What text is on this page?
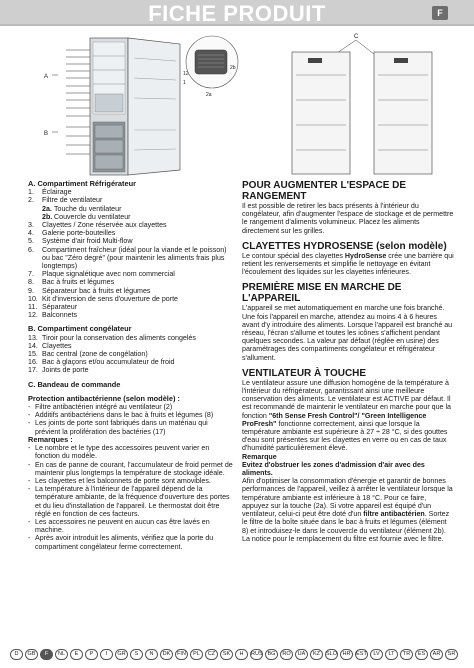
FICHE PRODUIT	F
A
B
12
1
2b
2a
C
A. Compartiment Réfrigérateur
1.	Éclairage
2.	Filtre de ventilateur
2a. Touche du ventilateur
2b. Couvercle du ventilateur
3.	Clayettes / Zone réservée aux clayettes
4.	Galerie porte-bouteilles
5.	Système d'air froid Multi-flow
6.	Compartiment fraîcheur (idéal pour la viande et le poisson) ou bac "Zéro degré" (pour maintenir les aliments frais plus longtemps)
7.	Plaque signalétique avec nom commercial
8.	Bac à fruits et légumes
9.	Séparateur bac à fruits et légumes
10. Kit d'inversion de sens d'ouverture de porte
11. Séparateur
12. Balconnets
B. Compartiment congélateur
13. Tiroir pour la conservation des aliments congelés
14. Clayettes
15. Bac central (zone de congélation)
16. Bac à glaçons et/ou accumulateur de froid
17. Joints de porte
C. Bandeau de commande
Protection antibactérienne (selon modèle) :
- Filtre antibactérien intégré au ventilateur (2)
- Additifs antibactériens dans le bac à fruits et légumes (8)
- Les joints de porte sont fabriqués dans un matériau qui prévient la prolifération des bactéries (17)
Remarques :
- Le nombre et le type des accessoires peuvent varier en fonction du modèle.
- En cas de panne de courant, l'accumulateur de froid permet de maintenir plus longtemps la température de stockage idéale.
- Les clayettes et les balconnets de porte sont amovibles.
- La température à l'intérieur de l'appareil dépend de la température ambiante, de la fréquence d'ouverture des portes et du lieu d'installation de l'appareil. Le thermostat doit être réglé en fonction de ces facteurs.
- Les accessoires ne peuvent en aucun cas être lavés en machine.
- Après avoir introduit les aliments, vérifiez que la porte du compartiment congélateur ferme correctement.
POUR AUGMENTER L'ESPACE DE RANGEMENT
Il est possible de retirer les bacs présents à l'intérieur du congélateur, afin d'augmenter l'espace de stockage et de permettre le rangement d'aliments volumineux. Placez les aliments directement sur les grilles.
CLAYETTES HYDROSENSE (selon modèle)
Le contour spécial des clayettes HydroSense crée une barrière qui retient les renversements et simplifie le nettoyage en évitant l'écoulement des liquides sur les clayettes inférieures.
PREMIÈRE MISE EN MARCHE DE L'APPAREIL
L'appareil se met automatiquement en marche une fois branché. Une fois l'appareil en marche, attendez au moins 4 à 6 heures avant d'y introduire des aliments. Lorsque l'appareil est branché au réseau, l'écran s'allume et toutes les icônes s'affichent pendant quelques secondes. La valeur par défaut (réglée en usine) des paramétrages des compartiments congélateur et réfrigérateur s'allument.
VENTILATEUR À TOUCHE
Le ventilateur assure une diffusion homogène de la température à l'intérieur du réfrigérateur, garantissant ainsi une meilleure conservation des aliments. Le ventilateur est ACTIVE par défaut. Il est recommandé de maintenir le ventilateur en marche pour que la fonction "6th Sense Fresh Control"/ "Green Intelligence ProFresh" fonctionne correctement, ainsi que lorsque la température ambiante est supérieure à 27 ÷ 28 °C, si des gouttes d'eau sont présentes sur les clayettes en verre ou en cas de taux d'humidité particulièrement élevé.
Remarque
Evitez d'obstruer les zones d'admission d'air avec des aliments.
Afin d'optimiser la consommation d'énergie et garantir de bonnes performances de l'appareil, veillez à arrêter le ventilateur lorsque la température ambiante est inférieure à 18 °C. Pour ce faire, appuyez sur la touche (2a). Si votre appareil est équipé d'un ventilateur, celui-ci peut être doté d'un filtre antibactérien. Sortez le filtre de la boîte située dans le bac à fruits et légumes (élément 8) et introduisez-le dans le couvercle du ventilateur (élément 2b). La notice pour le remplacement du filtre est fournie avec le filtre.
D	GB	F	NL	E	P	I	GR	S	N	DK	FIN	PL	CZ	SK	H	RUS BG	RO	UA	KZ	SLO	HR	EST	LV	LT	TR	ES	AR	SR
